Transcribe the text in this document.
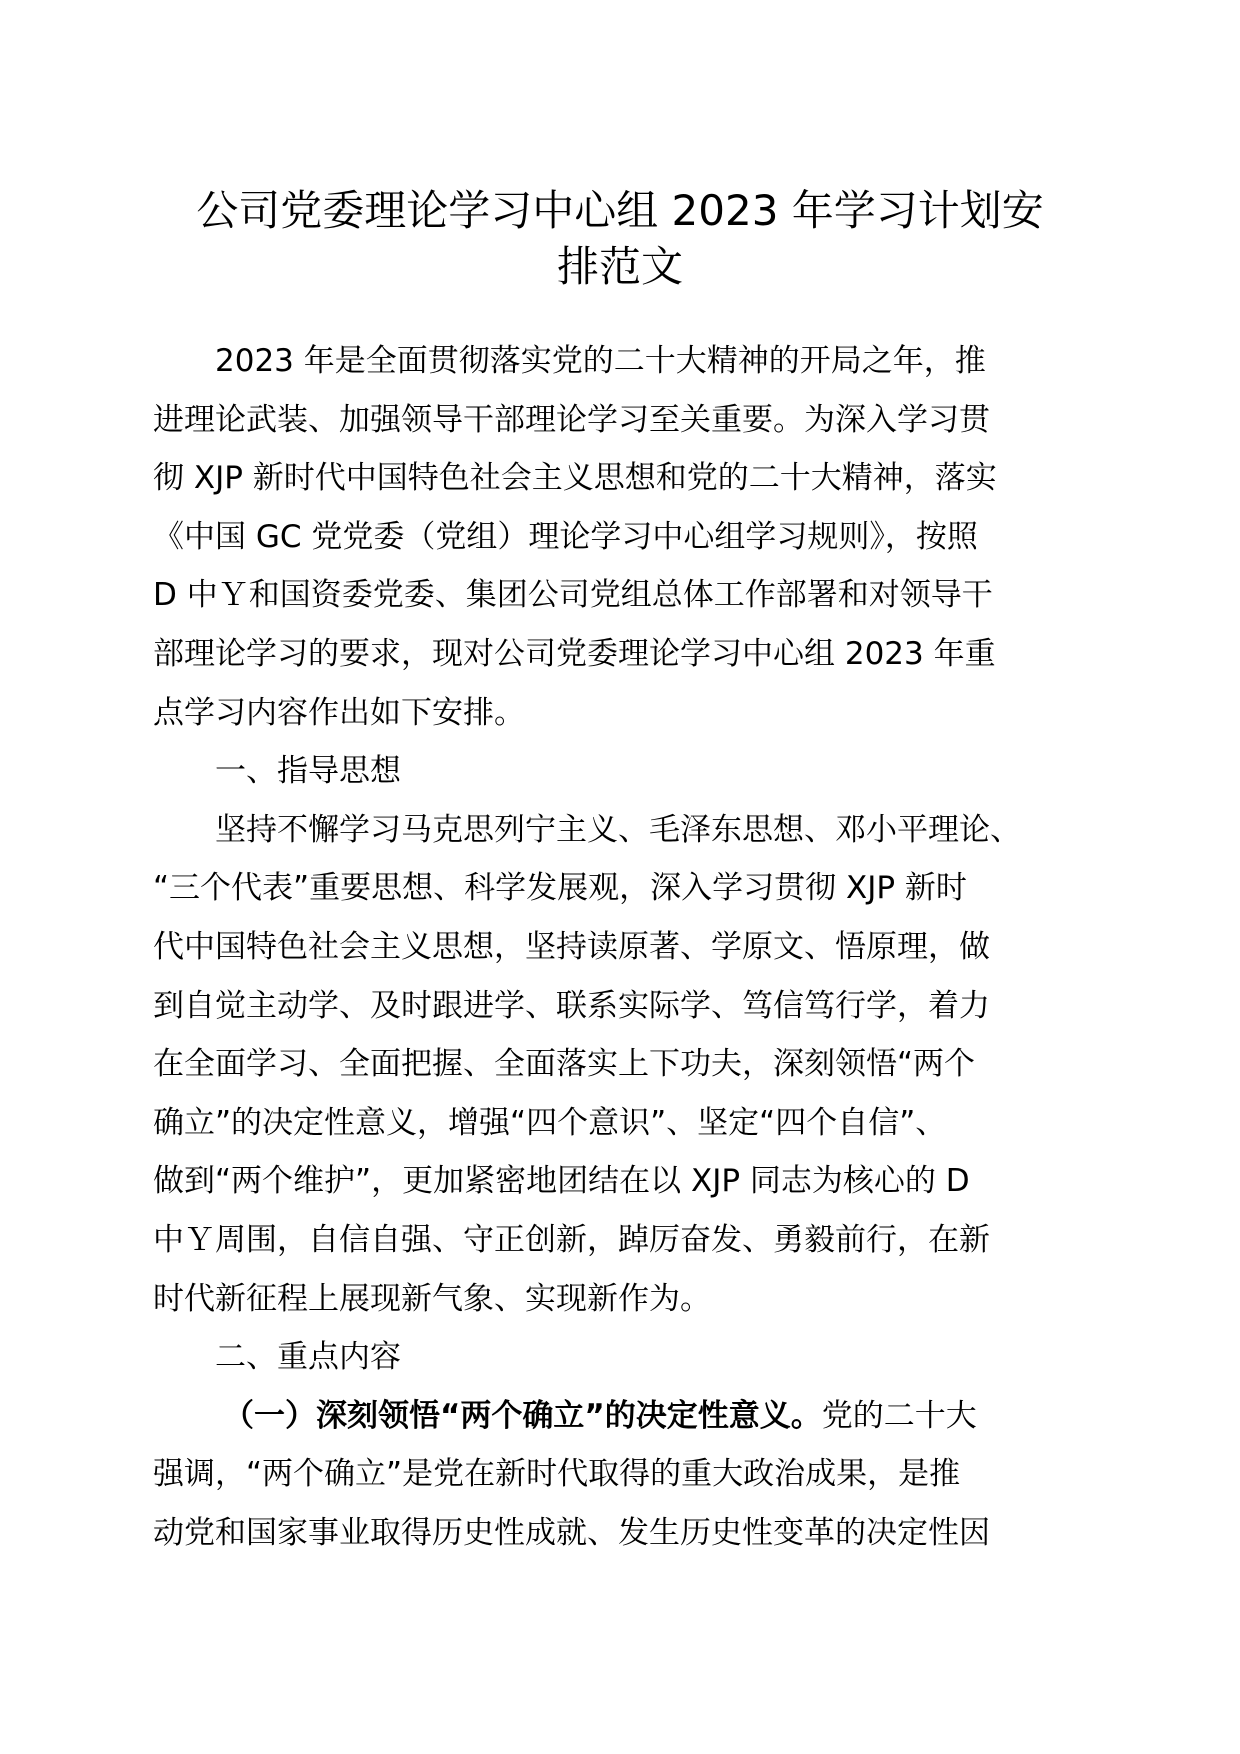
公司党委理论学习中心组 2023 年学习计划安
排范文
2023 年是全面贯彻落实党的二十大精神的开局之年，推
进理论武装、加强领导干部理论学习至关重要。为深入学习贯
彻 XJP 新时代中国特色社会主义思想和党的二十大精神，落实
《中国 GC 党党委（党组）理论学习中心组学习规则》，按照
D 中Ｙ和国资委党委、集团公司党组总体工作部署和对领导干
部理论学习的要求，现对公司党委理论学习中心组 2023 年重
点学习内容作出如下安排。
一、指导思想
坚持不懈学习马克思列宁主义、毛泽东思想、邓小平理论、
“三个代表”重要思想、科学发展观，深入学习贯彻 XJP 新时
代中国特色社会主义思想，坚持读原著、学原文、悟原理，做
到自觉主动学、及时跟进学、联系实际学、笃信笃行学，着力
在全面学习、全面把握、全面落实上下功夫，深刻领悟“两个
确立”的决定性意义，增强“四个意识”、坚定“四个自信”、
做到“两个维护”，更加紧密地团结在以 XJP 同志为核心的 D
中Ｙ周围，自信自强、守正创新，踔厉奋发、勇毅前行，在新
时代新征程上展现新气象、实现新作为。
二、重点内容
（一）深刻领悟“两个确立”的决定性意义。党的二十大
强调，“两个确立”是党在新时代取得的重大政治成果，是推
动党和国家事业取得历史性成就、发生历史性变革的决定性因
